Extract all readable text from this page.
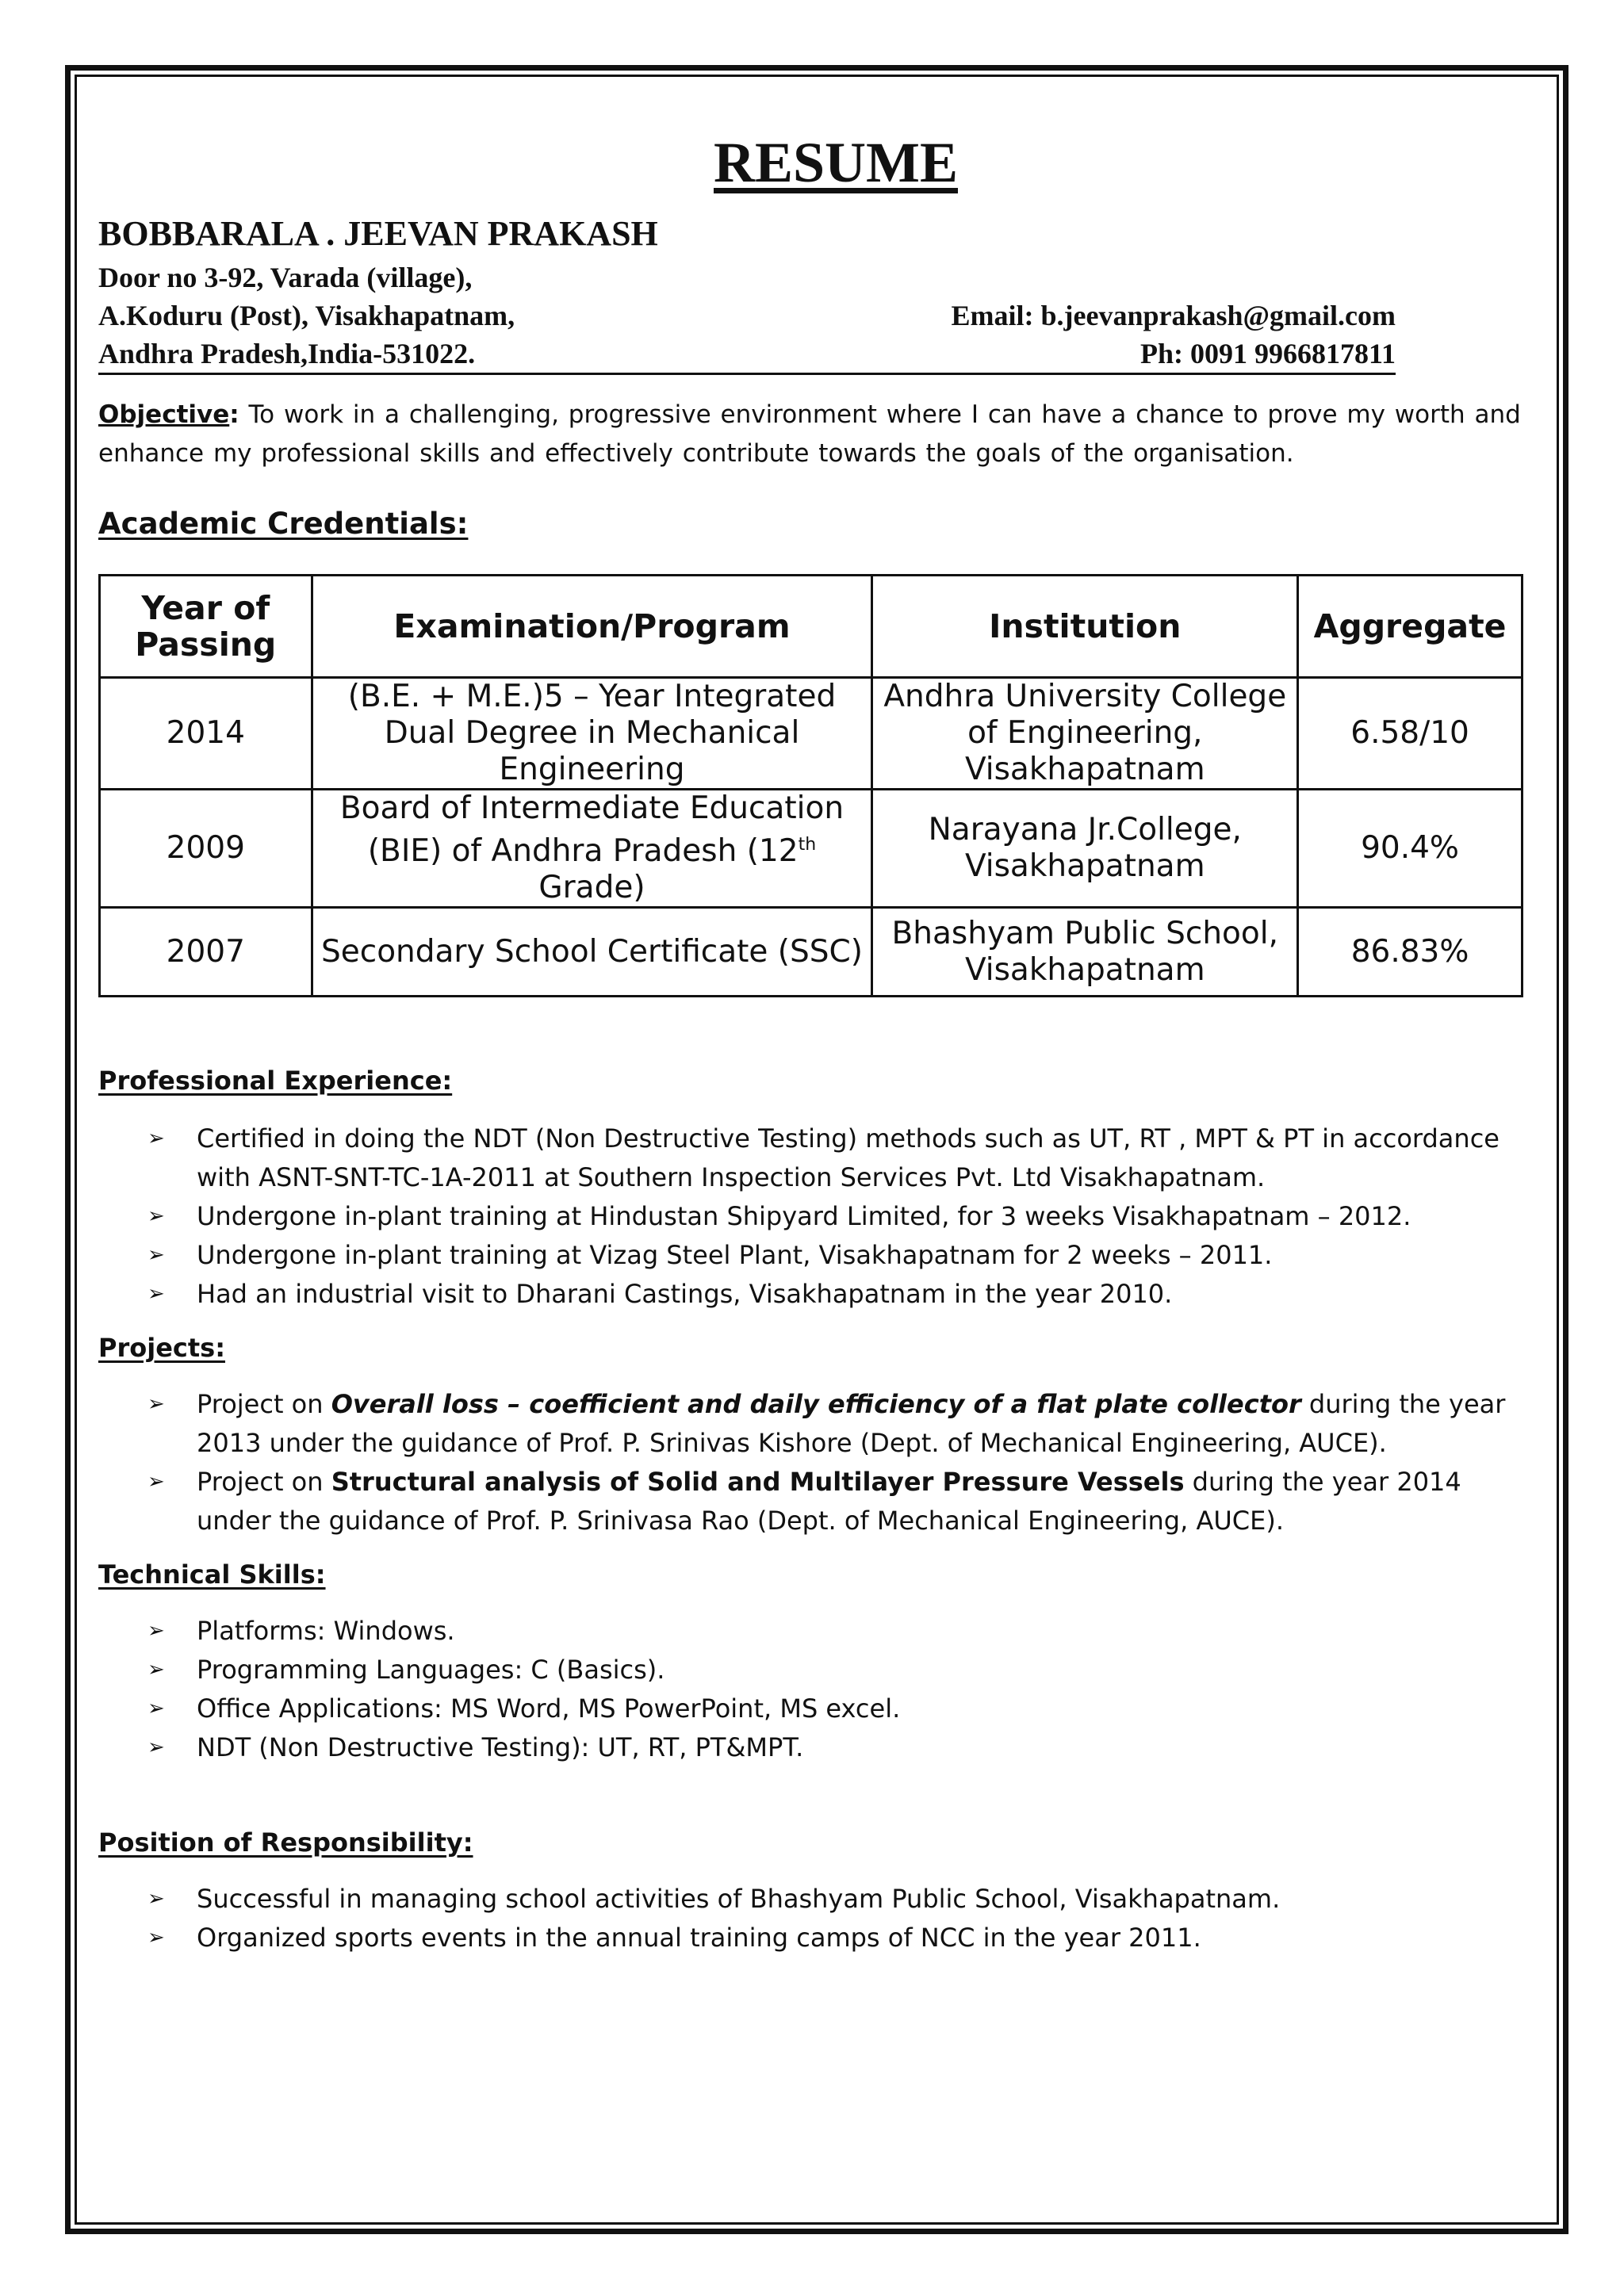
RESUME
BOBBARALA . JEEVAN PRAKASH
Door no 3-92, Varada (village),
A.Koduru (Post), Visakhapatnam,	Email: b.jeevanprakash@gmail.com
Andhra Pradesh,India-531022.	Ph: 0091 9966817811
Objective: To work in a challenging, progressive environment where I can have a chance to prove my worth and enhance my professional skills and effectively contribute towards the goals of the organisation.
Academic Credentials:
Year of Passing	Examination/Program	Institution	Aggregate
2014	(B.E. + M.E.)5 – Year Integrated Dual Degree in Mechanical Engineering	Andhra University College of Engineering, Visakhapatnam	6.58/10
2009	Board of Intermediate Education (BIE) of Andhra Pradesh (12th Grade)	Narayana Jr.College, Visakhapatnam	90.4%
2007	Secondary School Certificate (SSC)	Bhashyam Public School, Visakhapatnam	86.83%
Professional Experience:
➢ Certified in doing the NDT (Non Destructive Testing) methods such as UT, RT , MPT & PT in accordance with ASNT-SNT-TC-1A-2011 at Southern Inspection Services Pvt. Ltd Visakhapatnam.
➢ Undergone in-plant training at Hindustan Shipyard Limited, for 3 weeks Visakhapatnam – 2012.
➢ Undergone in-plant training at Vizag Steel Plant, Visakhapatnam for 2 weeks – 2011.
➢ Had an industrial visit to Dharani Castings, Visakhapatnam in the year 2010.
Projects:
➢ Project on Overall loss – coefficient and daily efficiency of a flat plate collector during the year 2013 under the guidance of Prof. P. Srinivas Kishore (Dept. of Mechanical Engineering, AUCE).
➢ Project on Structural analysis of Solid and Multilayer Pressure Vessels during the year 2014 under the guidance of Prof. P. Srinivasa Rao (Dept. of Mechanical Engineering, AUCE).
Technical Skills:
➢ Platforms: Windows.
➢ Programming Languages: C (Basics).
➢ Office Applications: MS Word, MS PowerPoint, MS excel.
➢ NDT (Non Destructive Testing): UT, RT, PT&MPT.
Position of Responsibility:
➢ Successful in managing school activities of Bhashyam Public School, Visakhapatnam.
➢ Organized sports events in the annual training camps of NCC in the year 2011.
